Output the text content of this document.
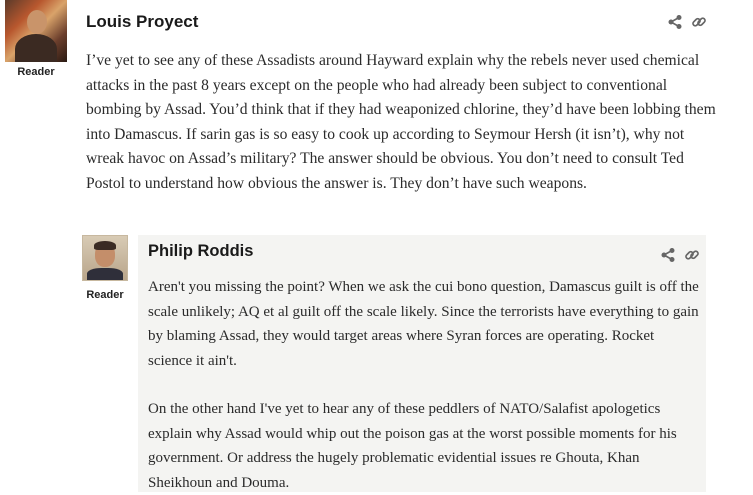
Reader
Louis Proyect

I’ve yet to see any of these Assadists around Hayward explain why the rebels never used chemical attacks in the past 8 years except on the people who had already been subject to conventional bombing by Assad. You’d think that if they had weaponized chlorine, they’d have been lobbing them into Damascus. If sarin gas is so easy to cook up according to Seymour Hersh (it isn’t), why not wreak havoc on Assad’s military? The answer should be obvious. You don’t need to consult Ted Postol to understand how obvious the answer is. They don’t have such weapons.

Reader
Philip Roddis

Aren't you missing the point? When we ask the cui bono question, Damascus guilt is off the scale unlikely; AQ et al guilt off the scale likely. Since the terrorists have everything to gain by blaming Assad, they would target areas where Syran forces are operating. Rocket science it ain't.

On the other hand I've yet to hear any of these peddlers of NATO/Salafist apologetics explain why Assad would whip out the poison gas at the worst possible moments for his government. Or address the hugely problematic evidential issues re Ghouta, Khan Sheikhoun and Douma.
